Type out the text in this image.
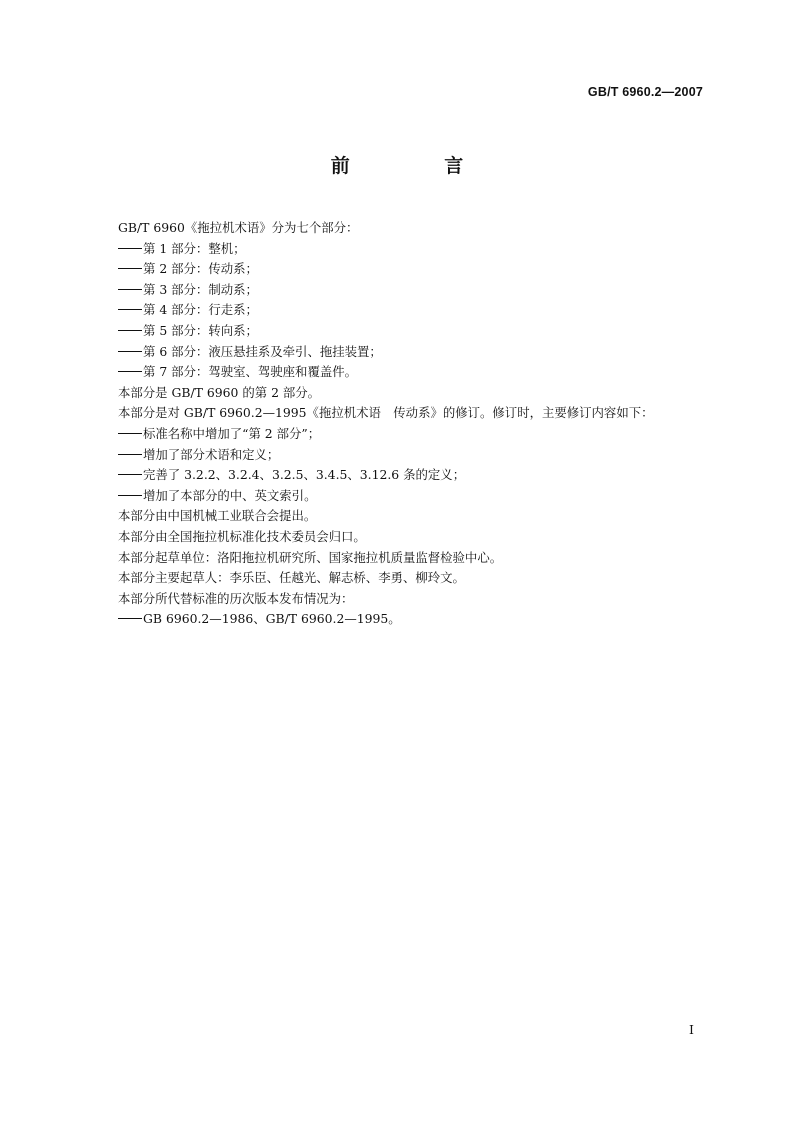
GB/T 6960.2—2007
前 言
GB/T 6960《拖拉机术语》分为七个部分：
第 1 部分：整机；
第 2 部分：传动系；
第 3 部分：制动系；
第 4 部分：行走系；
第 5 部分：转向系；
第 6 部分：液压悬挂系及牵引、拖挂装置；
第 7 部分：驾驶室、驾驶座和覆盖件。
本部分是 GB/T 6960 的第 2 部分。
本部分是对 GB/T 6960.2—1995《拖拉机术语　传动系》的修订。修订时，主要修订内容如下：
标准名称中增加了“第 2 部分”；
增加了部分术语和定义；
完善了 3.2.2、3.2.4、3.2.5、3.4.5、3.12.6 条的定义；
增加了本部分的中、英文索引。
本部分由中国机械工业联合会提出。
本部分由全国拖拉机标准化技术委员会归口。
本部分起草单位：洛阳拖拉机研究所、国家拖拉机质量监督检验中心。
本部分主要起草人：李乐臣、任越光、解志桥、李勇、柳玲文。
本部分所代替标准的历次版本发布情况为：
GB 6960.2—1986、GB/T 6960.2—1995。
I
